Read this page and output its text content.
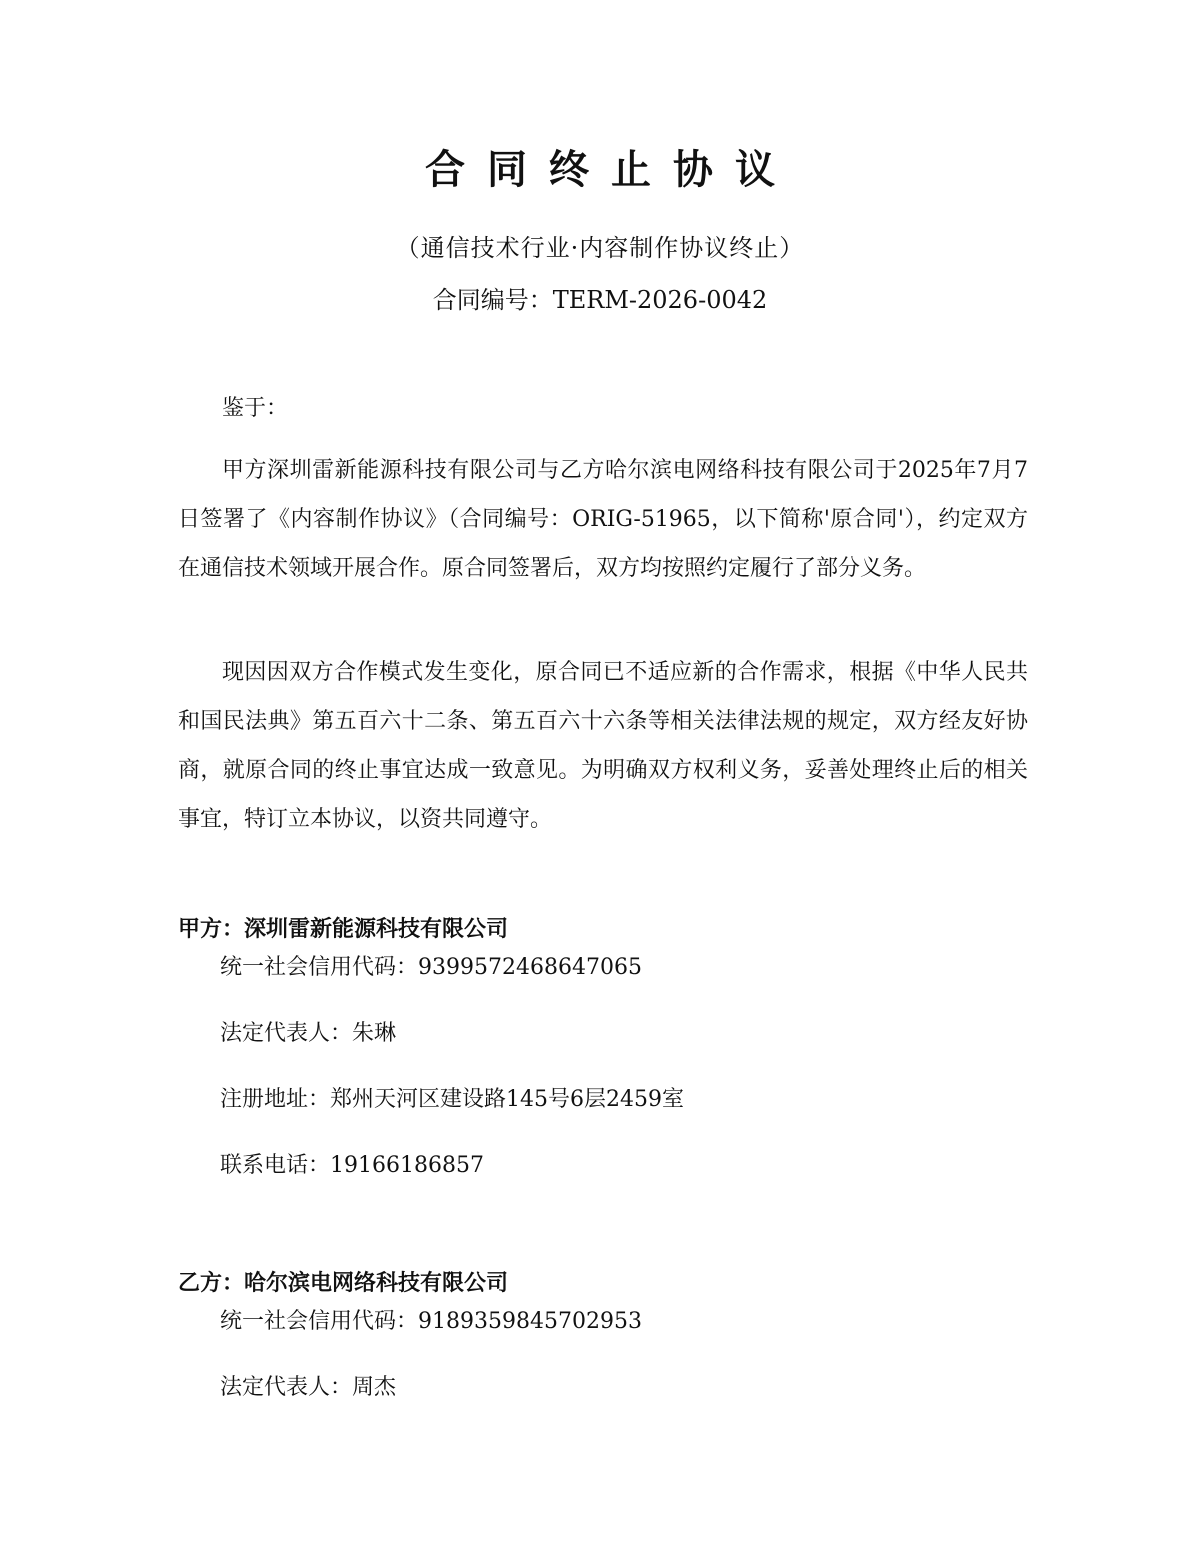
合同终止协议
（通信技术行业·内容制作协议终止）
合同编号：TERM-2026-0042
鉴于：
甲方深圳雷新能源科技有限公司与乙方哈尔滨电网络科技有限公司于2025年7月7日签署了《内容制作协议》（合同编号：ORIG-51965，以下简称'原合同'），约定双方在通信技术领域开展合作。原合同签署后，双方均按照约定履行了部分义务。
现因因双方合作模式发生变化，原合同已不适应新的合作需求，根据《中华人民共和国民法典》第五百六十二条、第五百六十六条等相关法律法规的规定，双方经友好协商，就原合同的终止事宜达成一致意见。为明确双方权利义务，妥善处理终止后的相关事宜，特订立本协议，以资共同遵守。
甲方：深圳雷新能源科技有限公司
统一社会信用代码：9399572468647065
法定代表人：朱琳
注册地址：郑州天河区建设路145号6层2459室
联系电话：19166186857
乙方：哈尔滨电网络科技有限公司
统一社会信用代码：9189359845702953
法定代表人：周杰
